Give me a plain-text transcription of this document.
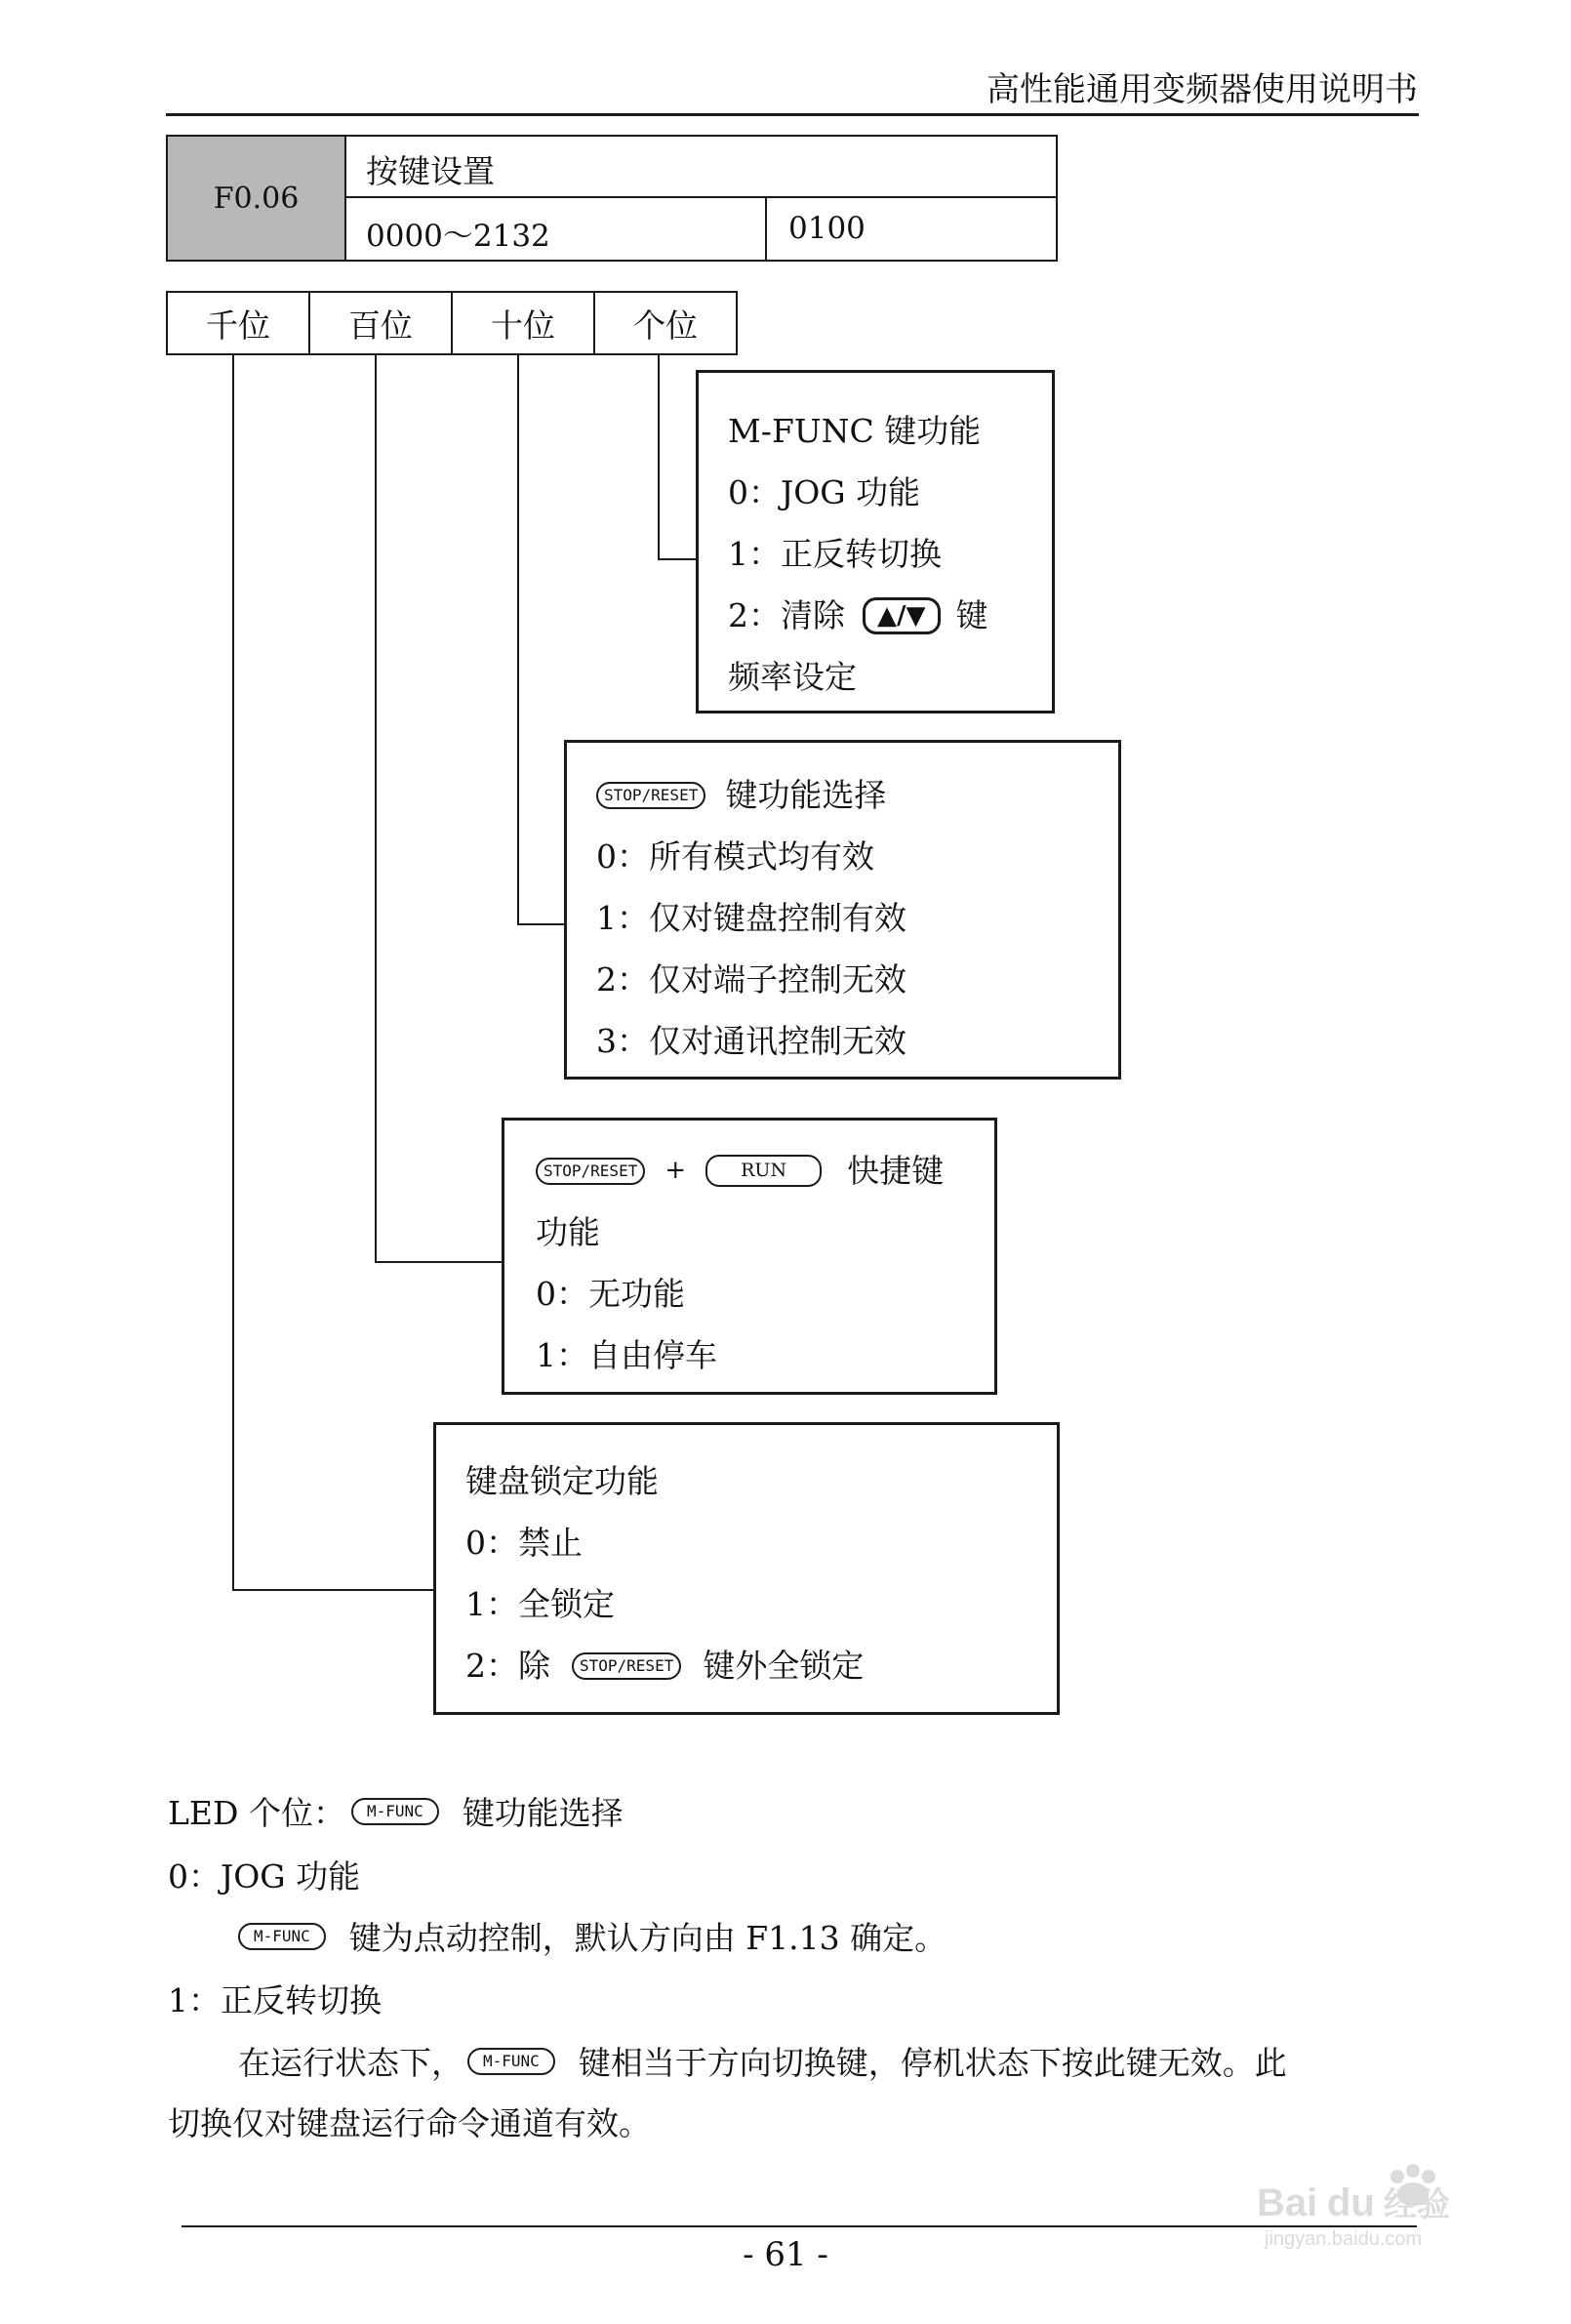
高性能通用变频器使用说明书
F0.06
按键设置
0000～2132	0100
千位	百位	十位	个位
M-FUNC 键功能
0：JOG 功能
1：正反转切换
2：清除	▲/▼ 键
频率设定
STOP/RESET 键功能选择
0：所有模式均有效
1：仅对键盘控制有效
2：仅对端子控制无效
3：仅对通讯控制无效
STOP/RESET	+	RUN	快捷键
功能
0：无功能
1：自由停车
键盘锁定功能
0：禁止
1：全锁定
2：除	STOP/RESET 键外全锁定
LED 个位：	M-FUNC	键功能选择
0：JOG 功能
M-FUNC	键为点动控制，默认方向由 F1.13 确定。
1：正反转切换
在运行状态下，	M-FUNC	键相当于方向切换键，停机状态下按此键无效。此
切换仅对键盘运行命令通道有效。
- 61 -
Bai du 经验
jingyan.baidu.com
